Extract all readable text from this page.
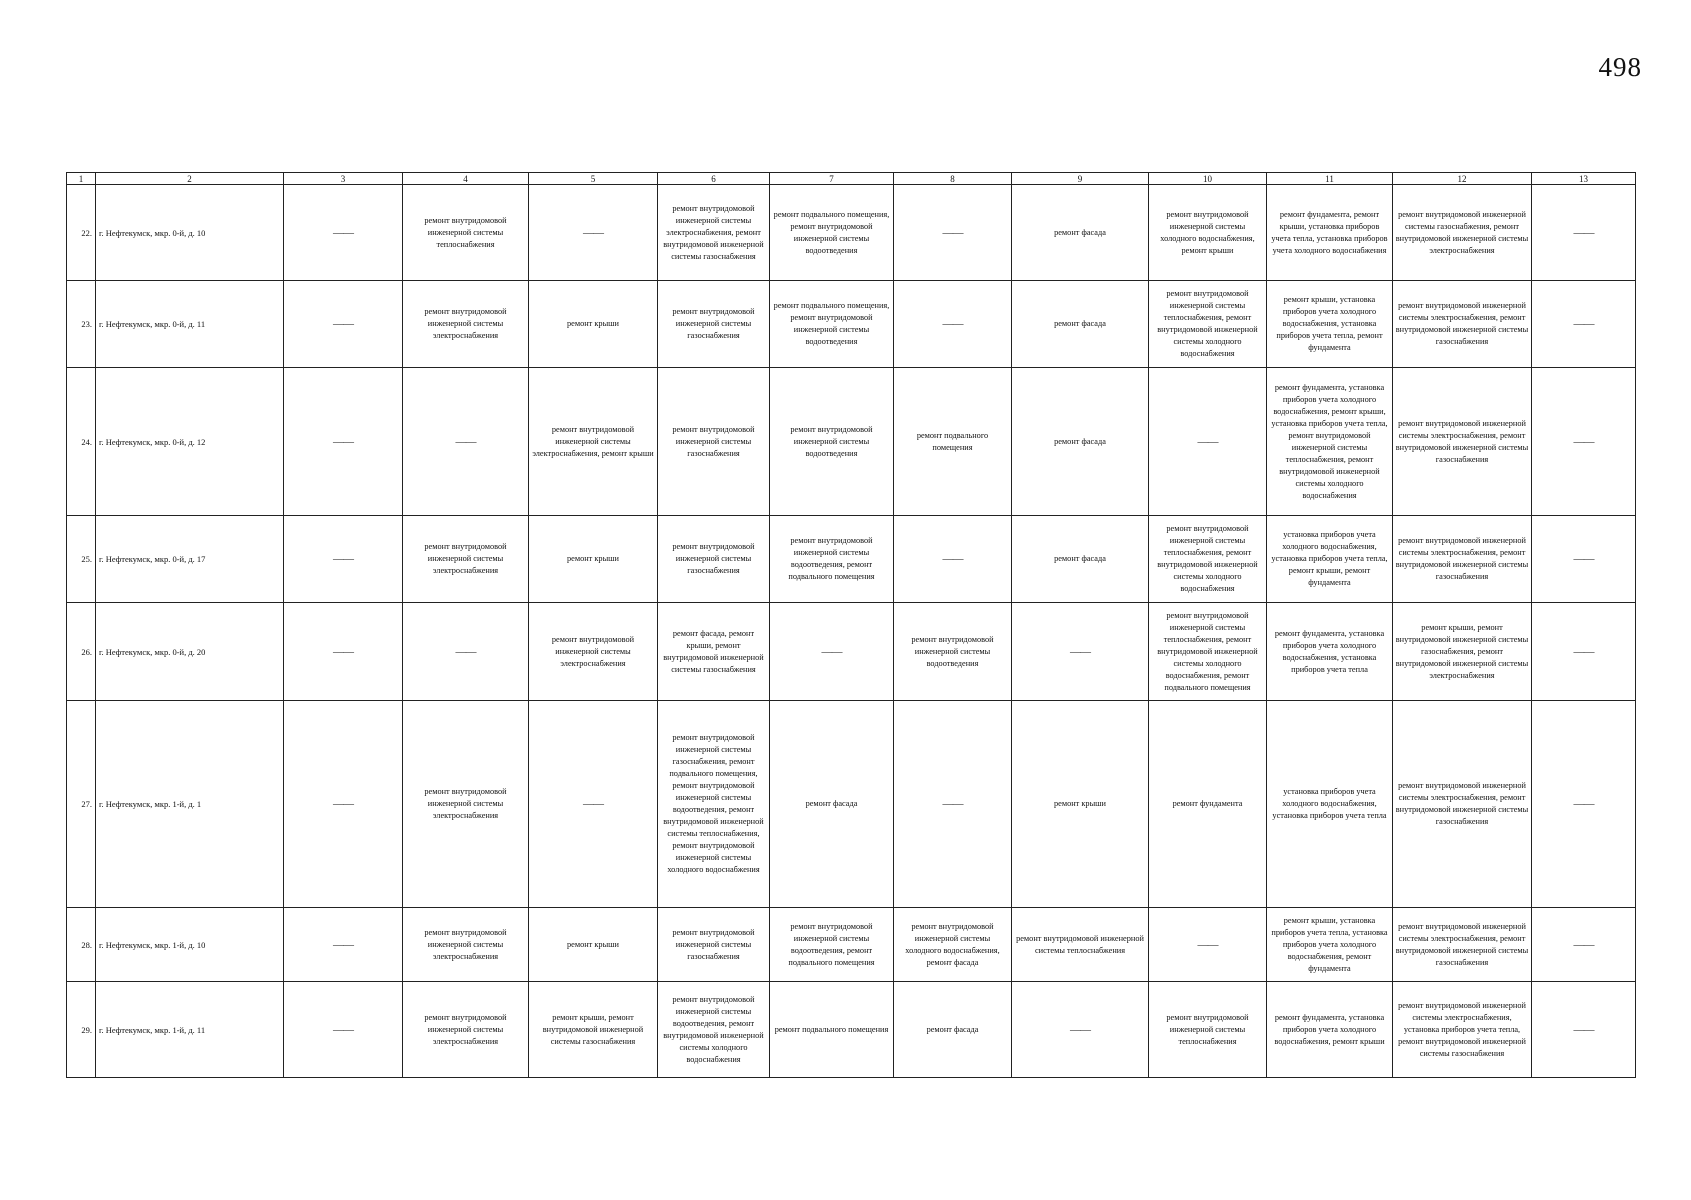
498
1	2	3	4	5	6	7	8	9	10	11	12	13
22.	г. Нефтекумск, мкр. 0-й, д. 10	——	ремонт внутридомовой инженерной системы теплоснабжения	——	ремонт внутридомовой инженерной системы электроснабжения, ремонт внутридомовой инженерной системы газоснабжения	ремонт подвального помещения, ремонт внутридомовой инженерной системы водоотведения	——	ремонт фасада	ремонт внутридомовой инженерной системы холодного водоснабжения, ремонт крыши	ремонт фундамента, ремонт крыши, установка приборов учета тепла, установка приборов учета холодного водоснабжения	ремонт внутридомовой инженерной системы газоснабжения, ремонт внутридомовой инженерной системы электроснабжения	——
23.	г. Нефтекумск, мкр. 0-й, д. 11	——	ремонт внутридомовой инженерной системы электроснабжения	ремонт крыши	ремонт внутридомовой инженерной системы газоснабжения	ремонт подвального помещения, ремонт внутридомовой инженерной системы водоотведения	——	ремонт фасада	ремонт внутридомовой инженерной системы теплоснабжения, ремонт внутридомовой инженерной системы холодного водоснабжения	ремонт крыши, установка приборов учета холодного водоснабжения, установка приборов учета тепла, ремонт фундамента	ремонт внутридомовой инженерной системы электроснабжения, ремонт внутридомовой инженерной системы газоснабжения	——
24.	г. Нефтекумск, мкр. 0-й, д. 12	——	——	ремонт внутридомовой инженерной системы электроснабжения, ремонт крыши	ремонт внутридомовой инженерной системы газоснабжения	ремонт внутридомовой инженерной системы водоотведения	ремонт подвального помещения	ремонт фасада	——	ремонт фундамента, установка приборов учета холодного водоснабжения, ремонт крыши, установка приборов учета тепла, ремонт внутридомовой инженерной системы теплоснабжения, ремонт внутридомовой инженерной системы холодного водоснабжения	ремонт внутридомовой инженерной системы электроснабжения, ремонт внутридомовой инженерной системы газоснабжения	——
25.	г. Нефтекумск, мкр. 0-й, д. 17	——	ремонт внутридомовой инженерной системы электроснабжения	ремонт крыши	ремонт внутридомовой инженерной системы газоснабжения	ремонт внутридомовой инженерной системы водоотведения, ремонт подвального помещения	——	ремонт фасада	ремонт внутридомовой инженерной системы теплоснабжения, ремонт внутридомовой инженерной системы холодного водоснабжения	установка приборов учета холодного водоснабжения, установка приборов учета тепла, ремонт крыши, ремонт фундамента	ремонт внутридомовой инженерной системы электроснабжения, ремонт внутридомовой инженерной системы газоснабжения	——
26.	г. Нефтекумск, мкр. 0-й, д. 20	——	——	ремонт внутридомовой инженерной системы электроснабжения	ремонт фасада, ремонт крыши, ремонт внутридомовой инженерной системы газоснабжения	——	ремонт внутридомовой инженерной системы водоотведения	——	ремонт внутридомовой инженерной системы теплоснабжения, ремонт внутридомовой инженерной системы холодного водоснабжения, ремонт подвального помещения	ремонт фундамента, установка приборов учета холодного водоснабжения, установка приборов учета тепла	ремонт крыши, ремонт внутридомовой инженерной системы газоснабжения, ремонт внутридомовой инженерной системы электроснабжения	——
27.	г. Нефтекумск, мкр. 1-й, д. 1	——	ремонт внутридомовой инженерной системы электроснабжения	——	ремонт внутридомовой инженерной системы газоснабжения, ремонт подвального помещения, ремонт внутридомовой инженерной системы водоотведения, ремонт внутридомовой инженерной системы теплоснабжения, ремонт внутридомовой инженерной системы холодного водоснабжения	ремонт фасада	——	ремонт крыши	ремонт фундамента	установка приборов учета холодного водоснабжения, установка приборов учета тепла	ремонт внутридомовой инженерной системы электроснабжения, ремонт внутридомовой инженерной системы газоснабжения	——
28.	г. Нефтекумск, мкр. 1-й, д. 10	——	ремонт внутридомовой инженерной системы электроснабжения	ремонт крыши	ремонт внутридомовой инженерной системы газоснабжения	ремонт внутридомовой инженерной системы водоотведения, ремонт подвального помещения	ремонт внутридомовой инженерной системы холодного водоснабжения, ремонт фасада	ремонт внутридомовой инженерной системы теплоснабжения	——	ремонт крыши, установка приборов учета тепла, установка приборов учета холодного водоснабжения, ремонт фундамента	ремонт внутридомовой инженерной системы электроснабжения, ремонт внутридомовой инженерной системы газоснабжения	——
29.	г. Нефтекумск, мкр. 1-й, д. 11	——	ремонт внутридомовой инженерной системы электроснабжения	ремонт крыши, ремонт внутридомовой инженерной системы газоснабжения	ремонт внутридомовой инженерной системы водоотведения, ремонт внутридомовой инженерной системы холодного водоснабжения	ремонт подвального помещения	ремонт фасада	——	ремонт внутридомовой инженерной системы теплоснабжения	ремонт фундамента, установка приборов учета холодного водоснабжения, ремонт крыши	ремонт внутридомовой инженерной системы электроснабжения, установка приборов учета тепла, ремонт внутридомовой инженерной системы газоснабжения	——
